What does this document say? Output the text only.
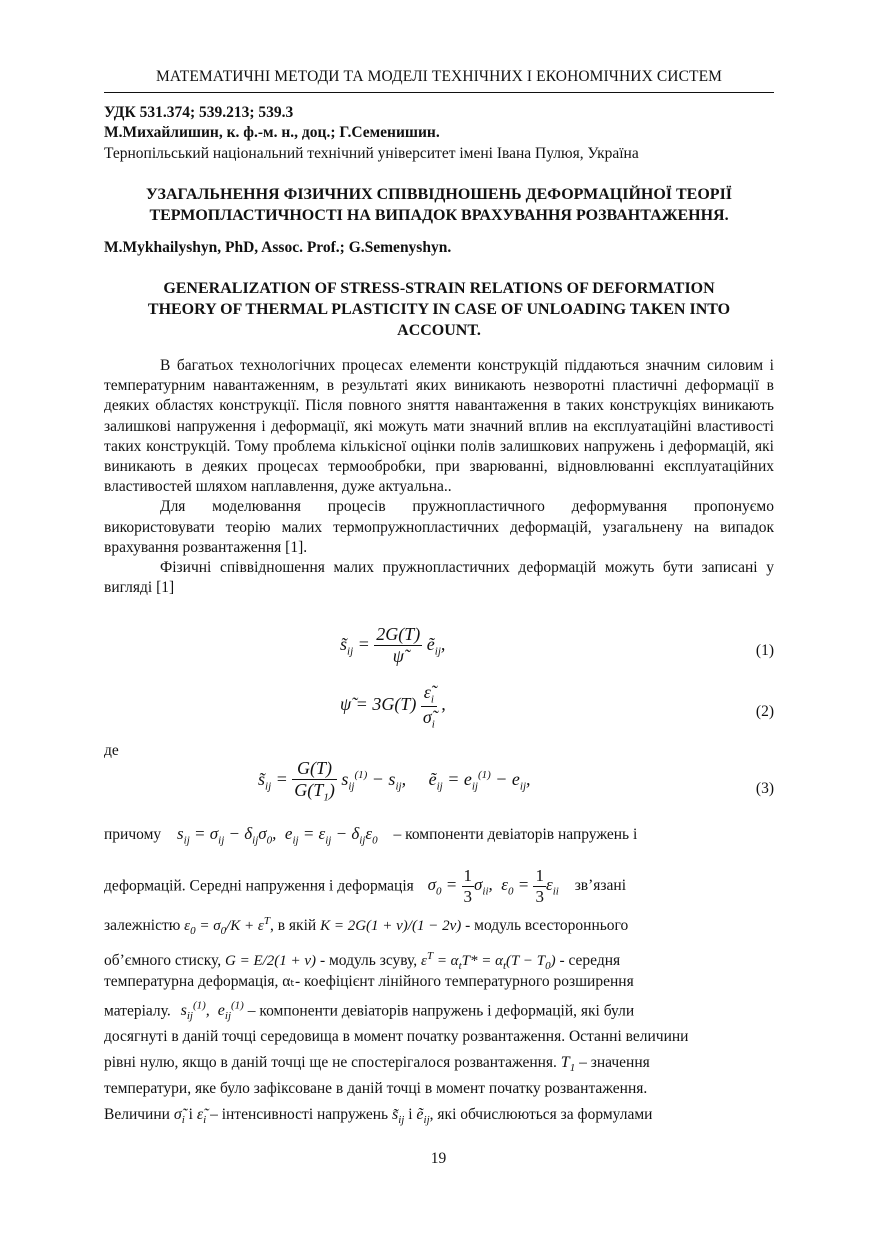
МАТЕМАТИЧНІ МЕТОДИ ТА МОДЕЛІ ТЕХНІЧНИХ І ЕКОНОМІЧНИХ СИСТЕМ
УДК 531.374; 539.213; 539.3
М.Михайлишин, к. ф.-м. н., доц.; Г.Семенишин.
Тернопільський національний технічний університет імені Івана Пулюя, Україна
УЗАГАЛЬНЕННЯ ФІЗИЧНИХ СПІВВІДНОШЕНЬ ДЕФОРМАЦІЙНОЇ ТЕОРІЇ
ТЕРМОПЛАСТИЧНОСТІ НА ВИПАДОК ВРАХУВАННЯ РОЗВАНТАЖЕННЯ.
M.Mykhailyshyn, PhD, Assoc. Prof.; G.Semenyshyn.
GENERALIZATION OF STRESS-STRAIN RELATIONS OF DEFORMATION
THEORY OF THERMAL PLASTICITY IN CASE OF UNLOADING TAKEN INTO
ACCOUNT.

В багатьох технологічних процесах елементи конструкцій піддаються значним силовим і температурним навантаженням, в результаті яких виникають незворотні пластичні деформації в деяких областях конструкції. Після повного зняття навантаження в таких конструкціях виникають залишкові напруження і деформації, які можуть мати значний вплив на експлуатаційні властивості таких конструкцій. Тому проблема кількісної оцінки полів залишкових напружень і деформацій, які виникають в деяких процесах термообробки, при зварюванні, відновлюванні експлуатаційних властивостей шляхом наплавлення, дуже актуальна..

Для моделювання процесів пружнопластичного деформування пропонуємо використовувати теорію малих термопружнопластичних деформацій, узагальнену на випадок врахування розвантаження [1].

Фізичні співвідношення малих пружнопластичних деформацій можуть бути записані у вигляді [1]

$s̃_{ij} = \frac{2G(T)}{\psĩ}$ ẽ$_{ij}$,	(1)
ψ̃ = $3G(T) \frac{\varepsiloñ_i}{\sigmã_i}$ ,	(2)
де
$s̃_{ij} = \frac{G(T)}{G(T_1)} s_{ij}^{(1)} - s_{ij}$,     ẽ$_{ij}$ = $e_{ij}^{(1)} - e_{ij}$,	(3)
причому $s_{ij} = \sigma_{ij} - \delta_{ij}\sigma_0$,  $e_{ij} = \varepsilon_{ij} - \delta_{ij}\varepsilon_0$ – компоненти девіаторів напружень і
деформацій. Середні напруження і деформація $\sigma_0 = \frac{1}{3} \sigma_{ii}$,  $\varepsilon_0 = \frac{1}{3} \varepsilon_{ii}$ зв’язані
залежністю $\varepsilon_0 = \sigma_0/K + \varepsilon^T$, в якій K = 2G(1 + ν)/(1 − 2ν) - модуль всестороннього
об’ємного стиску, G = E/2(1 + ν) - модуль зсуву, $\varepsilon^T = \alpha_tT* = \alpha_t(T - T_0)$ - середня
температурна деформація, αₜ- коефіцієнт лінійного температурного розширення
матеріалу. $s_{ij}^{(1)}$,  $e_{ij}^{(1)}$ – компоненти девіаторів напружень і деформацій, які були
досягнуті в даній точці середовища в момент початку розвантаження. Останні величини
рівні нулю, якщо в даній точці ще не спостерігалося розвантаження. $T_1$ – значення
температури, яке було зафіксоване в даній точці в момент початку розвантаження.
Величини $\sigmã_i$ і $\varepsiloñ_i$ – інтенсивності напружень $s̃_{ij}$ і ẽ$_{ij}$, які обчислюються за формулами
19
